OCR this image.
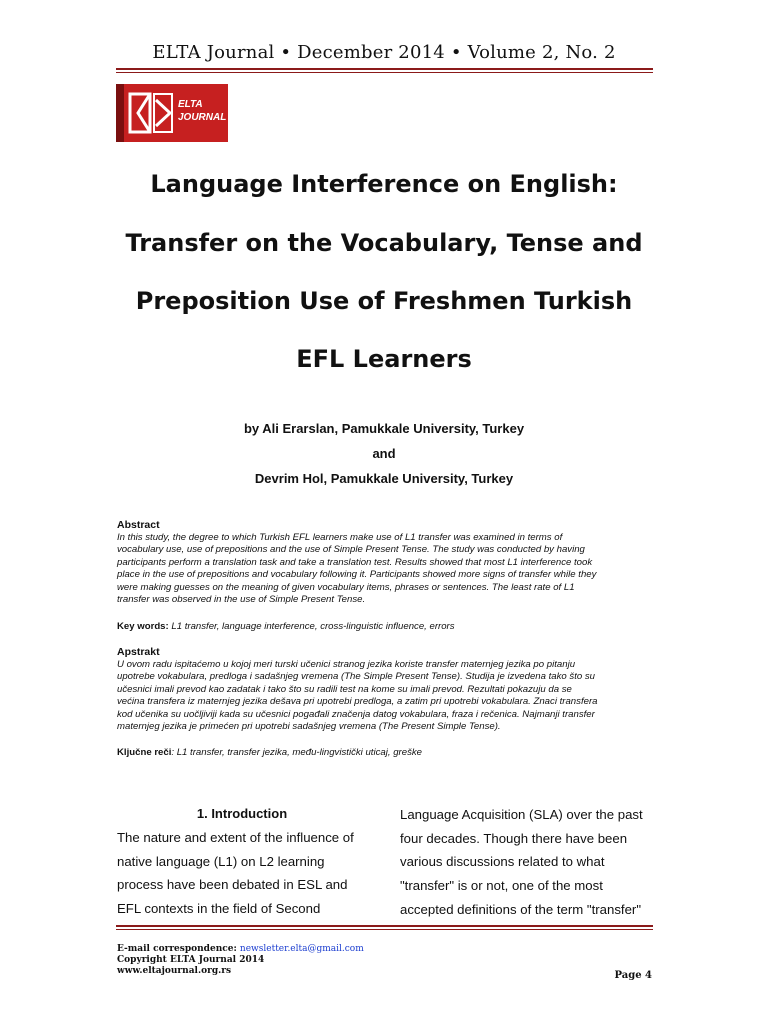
ELTA Journal • December 2014 • Volume 2, No. 2
ELTA
JOURNAL
Language Interference on English:
Transfer on the Vocabulary, Tense and
Preposition Use of Freshmen Turkish
EFL Learners
by Ali Erarslan, Pamukkale University, Turkey
and
Devrim Hol, Pamukkale University, Turkey
Abstract
In this study, the degree to which Turkish EFL learners make use of L1 transfer was examined in terms of
vocabulary use, use of prepositions and the use of Simple Present Tense. The study was conducted by having
participants perform a translation task and take a translation test. Results showed that most L1 interference took
place in the use of prepositions and vocabulary following it. Participants showed more signs of transfer while they
were making guesses on the meaning of given vocabulary items, phrases or sentences. The least rate of L1
transfer was observed in the use of Simple Present Tense.
Key words: L1 transfer, language interference, cross-linguistic influence, errors
Apstrakt
U ovom radu ispitaćemo u kojoj meri turski učenici stranog jezika koriste transfer maternjeg jezika po pitanju
upotrebe vokabulara, predloga i sadašnjeg vremena (The Simple Present Tense). Studija je izvedena tako što su
učesnici imali prevod kao zadatak i tako što su radili test na kome su imali prevod. Rezultati pokazuju da se
većina transfera iz maternjeg jezika dešava pri upotrebi predloga, a zatim pri upotrebi vokabulara. Znaci transfera
kod učenika su uočljiviji kada su učesnici pogađali značenja datog vokabulara, fraza i rečenica. Najmanji transfer
maternjeg jezika je primećen pri upotrebi sadašnjeg vremena (The Present Simple Tense).
Ključne reči: L1 transfer, transfer jezika, među-lingvistički uticaj, greške
1. Introduction

The nature and extent of the influence of

native language (L1) on L2 learning

process have been debated in ESL and

EFL contexts in the field of Second

Language Acquisition (SLA) over the past

four decades. Though there have been

various discussions related to what

"transfer" is or not, one of the most

accepted definitions of the term "transfer"

E-mail correspondence: newsletter.elta@gmail.com
Copyright ELTA Journal 2014
www.eltajournal.org.rs	Page 4
